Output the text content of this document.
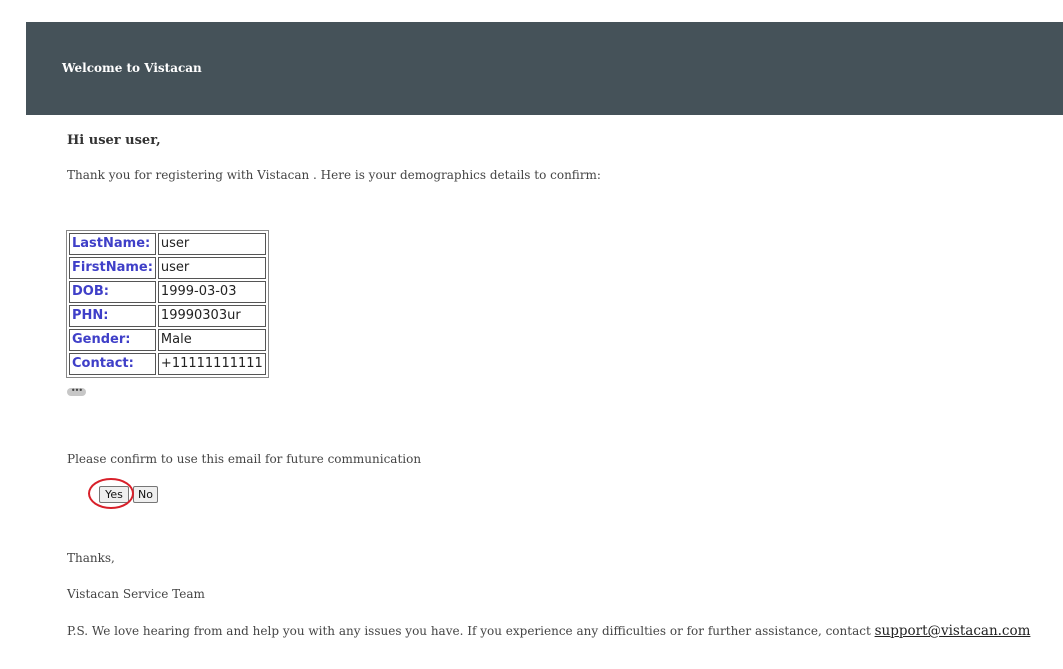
Welcome to Vistacan
Hi user user,
Thank you for registering with Vistacan . Here is your demographics details to confirm:
LastName:	user
FirstName:	user
DOB:	1999-03-03
PHN:	19990303ur
Gender:	Male
Contact:	+11111111111
•••
Please confirm to use this email for future communication
Yes	No
Thanks,
Vistacan Service Team
P.S. We love hearing from and help you with any issues you have. If you experience any difficulties or for further assistance, contact support@vistacan.com
